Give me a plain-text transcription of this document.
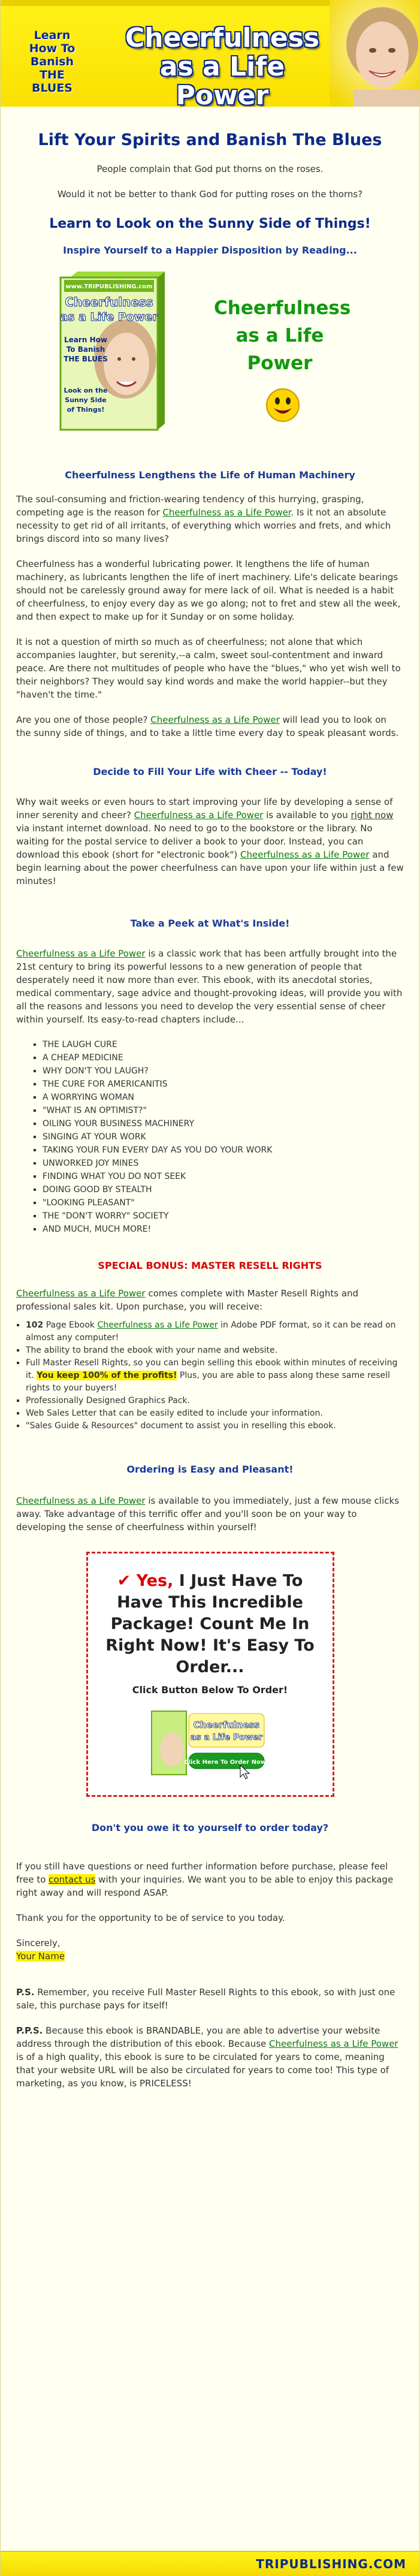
Learn How To Banish THE BLUES
Cheerfulness as a Life Power
Lift Your Spirits and Banish The Blues

People complain that God put thorns on the roses.

Would it not be better to thank God for putting roses on the thorns?

Learn to Look on the Sunny Side of Things!
Inspire Yourself to a Happier Disposition by Reading...
www.TRIPUBLISHING.com
Cheerfulness
as a Life Power
Learn How
To Banish
THE BLUES
Look on the
Sunny Side
of Things!
Cheerfulness as a Life Power
Cheerfulness Lengthens the Life of Human Machinery

The soul-consuming and friction-wearing tendency of this hurrying, grasping, competing age is the reason for Cheerfulness as a Life Power. Is it not an absolute necessity to get rid of all irritants, of everything which worries and frets, and which brings discord into so many lives?

Cheerfulness has a wonderful lubricating power. It lengthens the life of human machinery, as lubricants lengthen the life of inert machinery. Life's delicate bearings should not be carelessly ground away for mere lack of oil. What is needed is a habit of cheerfulness, to enjoy every day as we go along; not to fret and stew all the week, and then expect to make up for it Sunday or on some holiday.

It is not a question of mirth so much as of cheerfulness; not alone that which accompanies laughter, but serenity,--a calm, sweet soul-contentment and inward peace. Are there not multitudes of people who have the "blues," who yet wish well to their neighbors? They would say kind words and make the world happier--but they "haven't the time."

Are you one of those people? Cheerfulness as a Life Power will lead you to look on the sunny side of things, and to take a little time every day to speak pleasant words.

Decide to Fill Your Life with Cheer -- Today!

Why wait weeks or even hours to start improving your life by developing a sense of inner serenity and cheer? Cheerfulness as a Life Power is available to you right now via instant internet download. No need to go to the bookstore or the library. No waiting for the postal service to deliver a book to your door. Instead, you can download this ebook (short for "electronic book") Cheerfulness as a Life Power and begin learning about the power cheerfulness can have upon your life within just a few minutes!

Take a Peek at What's Inside!

Cheerfulness as a Life Power is a classic work that has been artfully brought into the 21st century to bring its powerful lessons to a new generation of people that desperately need it now more than ever. This ebook, with its anecdotal stories, medical commentary, sage advice and thought-provoking ideas, will provide you with all the reasons and lessons you need to develop the very essential sense of cheer within yourself. Its easy-to-read chapters include...

▪ THE LAUGH CURE
▪ A CHEAP MEDICINE
▪ WHY DON'T YOU LAUGH?
▪ THE CURE FOR AMERICANITIS
▪ A WORRYING WOMAN
▪ "WHAT IS AN OPTIMIST?"
▪ OILING YOUR BUSINESS MACHINERY
▪ SINGING AT YOUR WORK
▪ TAKING YOUR FUN EVERY DAY AS YOU DO YOUR WORK
▪ UNWORKED JOY MINES
▪ FINDING WHAT YOU DO NOT SEEK
▪ DOING GOOD BY STEALTH
▪ "LOOKING PLEASANT"
▪ THE "DON'T WORRY" SOCIETY
▪ AND MUCH, MUCH MORE!
SPECIAL BONUS: MASTER RESELL RIGHTS

Cheerfulness as a Life Power comes complete with Master Resell Rights and professional sales kit. Upon purchase, you will receive:

▪ 102 Page Ebook Cheerfulness as a Life Power in Adobe PDF format, so it can be read on almost any computer!
▪ The ability to brand the ebook with your name and website.
▪ Full Master Resell Rights, so you can begin selling this ebook within minutes of receiving it. You keep 100% of the profits! Plus, you are able to pass along these same resell rights to your buyers!
▪ Professionally Designed Graphics Pack.
▪ Web Sales Letter that can be easily edited to include your information.
▪ "Sales Guide & Resources" document to assist you in reselling this ebook.
Ordering is Easy and Pleasant!

Cheerfulness as a Life Power is available to you immediately, just a few mouse clicks away. Take advantage of this terrific offer and you'll soon be on your way to developing the sense of cheerfulness within yourself!

✔ Yes, I Just Have To Have This Incredible Package! Count Me In Right Now! It's Easy To Order...
Click Button Below To Order!
Cheerfulness
as a Life Power
Click Here To Order Now!
Don't you owe it to yourself to order today?

If you still have questions or need further information before purchase, please feel free to contact us with your inquiries. We want you to be able to enjoy this package right away and will respond ASAP.

Thank you for the opportunity to be of service to you today.

Sincerely,
Your Name

P.S. Remember, you receive Full Master Resell Rights to this ebook, so with just one sale, this purchase pays for itself!

P.P.S. Because this ebook is BRANDABLE, you are able to advertise your website address through the distribution of this ebook. Because Cheerfulness as a Life Power is of a high quality, this ebook is sure to be circulated for years to come, meaning that your website URL will be also be circulated for years to come too! This type of marketing, as you know, is PRICELESS!

TRIPUBLISHING.COM
